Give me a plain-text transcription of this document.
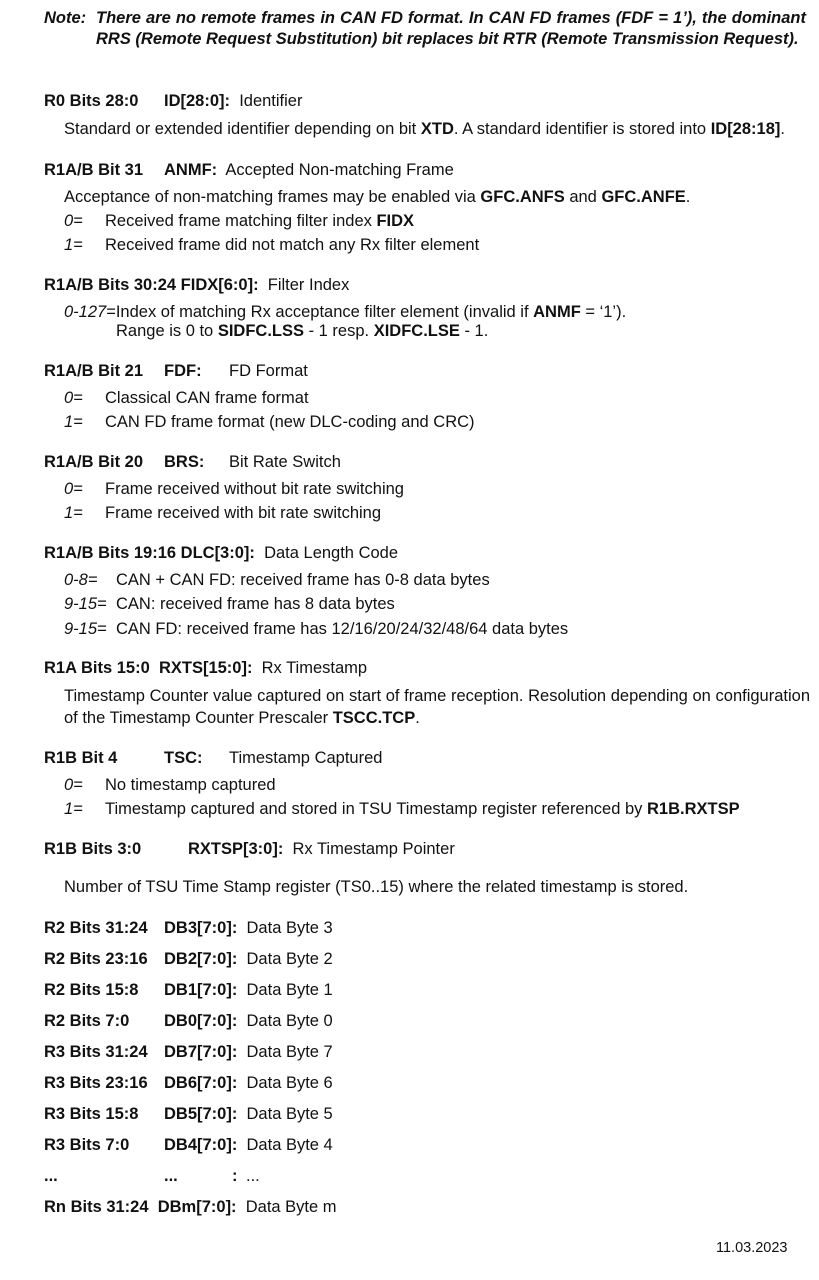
Note: There are no remote frames in CAN FD format. In CAN FD frames (FDF = 1’), the dominant RRS (Remote Request Substitution) bit replaces bit RTR (Remote Transmission Request).
R0 Bits 28:0 ID[28:0]: Identifier
Standard or extended identifier depending on bit XTD. A standard identifier is stored into ID[28:18].
R1A/B Bit 31 ANMF: Accepted Non-matching Frame
Acceptance of non-matching frames may be enabled via GFC.ANFS and GFC.ANFE.
0= Received frame matching filter index FIDX
1= Received frame did not match any Rx filter element
R1A/B Bits 30:24 FIDX[6:0]: Filter Index
0-127=Index of matching Rx acceptance filter element (invalid if ANMF = ‘1’).
Range is 0 to SIDFC.LSS - 1 resp. XIDFC.LSE - 1.
R1A/B Bit 21 FDF: FD Format
0= Classical CAN frame format
1= CAN FD frame format (new DLC-coding and CRC)
R1A/B Bit 20 BRS: Bit Rate Switch
0= Frame received without bit rate switching
1= Frame received with bit rate switching
R1A/B Bits 19:16 DLC[3:0]: Data Length Code
0-8= CAN + CAN FD: received frame has 0-8 data bytes
9-15= CAN: received frame has 8 data bytes
9-15= CAN FD: received frame has 12/16/20/24/32/48/64 data bytes
R1A Bits 15:0 RXTS[15:0]: Rx Timestamp
Timestamp Counter value captured on start of frame reception. Resolution depending on configuration of the Timestamp Counter Prescaler TSCC.TCP.
R1B Bit 4	TSC: Timestamp Captured
0= No timestamp captured
1= Timestamp captured and stored in TSU Timestamp register referenced by R1B.RXTSP
R1B Bits 3:0	RXTSP[3:0]: Rx Timestamp Pointer
Number of TSU Time Stamp register (TS0..15) where the related timestamp is stored.
R2 Bits 31:24 DB3[7:0]: Data Byte 3
R2 Bits 23:16 DB2[7:0]: Data Byte 2
R2 Bits 15:8 DB1[7:0]: Data Byte 1
R2 Bits 7:0 DB0[7:0]: Data Byte 0
R3 Bits 31:24 DB7[7:0]: Data Byte 7
R3 Bits 23:16 DB6[7:0]: Data Byte 6
R3 Bits 15:8 DB5[7:0]: Data Byte 5
R3 Bits 7:0 DB4[7:0]: Data Byte 4
...	...	: ...
Rn Bits 31:24 DBm[7:0]: Data Byte m
11.03.2023
